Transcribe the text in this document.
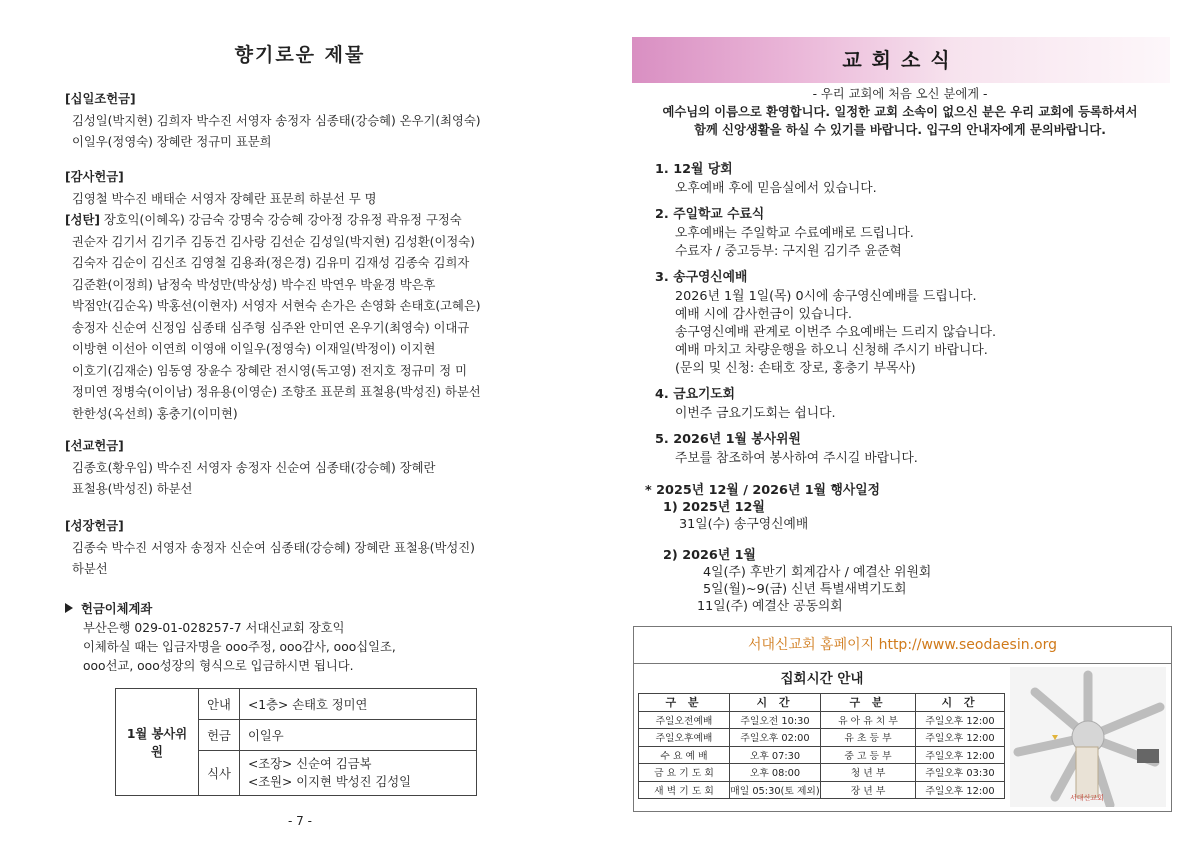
향기로운 제물
[십일조헌금]
김성일(박지현) 김희자 박수진 서영자 송정자 심종태(강승혜) 온우기(최영숙)
이일우(정영숙) 장혜란 정규미 표문희
[감사헌금]
김영철 박수진 배태순 서영자 장혜란 표문희 하분선 무 명
[성탄] 장호익(이혜옥) 강금숙 강명숙 강승혜 강아정 강유정 곽유정 구정숙
권순자 김기서 김기주 김동건 김사랑 김선순 김성일(박지현) 김성환(이정숙)
김숙자 김순이 김신조 김영철 김용좌(정은경) 김유미 김재성 김종숙 김희자
김준환(이정희) 남정숙 박성만(박상성) 박수진 박연우 박윤경 박은후
박점안(김순옥) 박홍선(이현자) 서영자 서현숙 손가은 손영화 손태호(고혜은)
송정자 신순여 신정임 심종태 심주형 심주완 안미연 온우기(최영숙) 이대규
이방현 이선아 이연희 이영애 이일우(정영숙) 이재일(박정이) 이지현
이호기(김재순) 임동영 장윤수 장혜란 전시영(독고영) 전지호 정규미 정 미
정미연 정병숙(이이남) 정유용(이영순) 조향조 표문희 표철용(박성진) 하분선
한한성(옥선희) 홍충기(이미현)
[선교헌금]
김종호(황우임) 박수진 서영자 송정자 신순여 심종태(강승혜) 장혜란
표철용(박성진) 하분선
[성장헌금]
김종숙 박수진 서영자 송정자 신순여 심종태(강승혜) 장혜란 표철용(박성진)
하분선
헌금이체계좌
부산은행 029-01-028257-7 서대신교회 장호익
이체하실 때는 입금자명을 ooo주정, ooo감사, ooo십일조,
ooo선교, ooo성장의 형식으로 입금하시면 됩니다.
1월 봉사위원	안내	<1층> 손태호 정미연
	헌금	이일우
	식사	<조장> 신순여 김금복
<조원> 이지현 박성진 김성일
- 7 -
교회소식
- 우리 교회에 처음 오신 분에게 -
예수님의 이름으로 환영합니다. 일정한 교회 소속이 없으신 분은 우리 교회에 등록하셔서
함께 신앙생활을 하실 수 있기를 바랍니다. 입구의 안내자에게 문의바랍니다.
1. 12월 당회
오후예배 후에 믿음실에서 있습니다.
2. 주일학교 수료식
오후예배는 주일학교 수료예배로 드립니다.
수료자 / 중고등부: 구지원 김기주 윤준혁
3. 송구영신예배
2026년 1월 1일(목) 0시에 송구영신예배를 드립니다.
예배 시에 감사헌금이 있습니다.
송구영신예배 관계로 이번주 수요예배는 드리지 않습니다.
예배 마치고 차량운행을 하오니 신청해 주시기 바랍니다.
(문의 및 신청: 손태호 장로, 홍충기 부목사)
4. 금요기도회
이번주 금요기도회는 쉽니다.
5. 2026년 1월 봉사위원
주보를 참조하여 봉사하여 주시길 바랍니다.
* 2025년 12월 / 2026년 1월 행사일정
1) 2025년 12월
31일(수) 송구영신예배
2) 2026년 1월
4일(주) 후반기 회계감사 / 예결산 위원회
5일(월)~9(금) 신년 특별새벽기도회
11일(주) 예결산 공동의회
서대신교회 홈페이지 http://www.seodaesin.org
집회시간 안내
구 분	시 간	구 분	시 간
주일오전예배	주일오전 10:30	유 아 유 치 부	주일오후 12:00
주일오후예배	주일오후 02:00	유 초 등 부	주일오후 12:00
수 요 예 배	오후 07:30	중 고 등 부	주일오후 12:00
금 요 기 도 회	오후 08:00	청 년 부	주일오후 03:30
새 벽 기 도 회	매일 05:30(토 제외)	장 년 부	주일오후 12:00
서대신교회
